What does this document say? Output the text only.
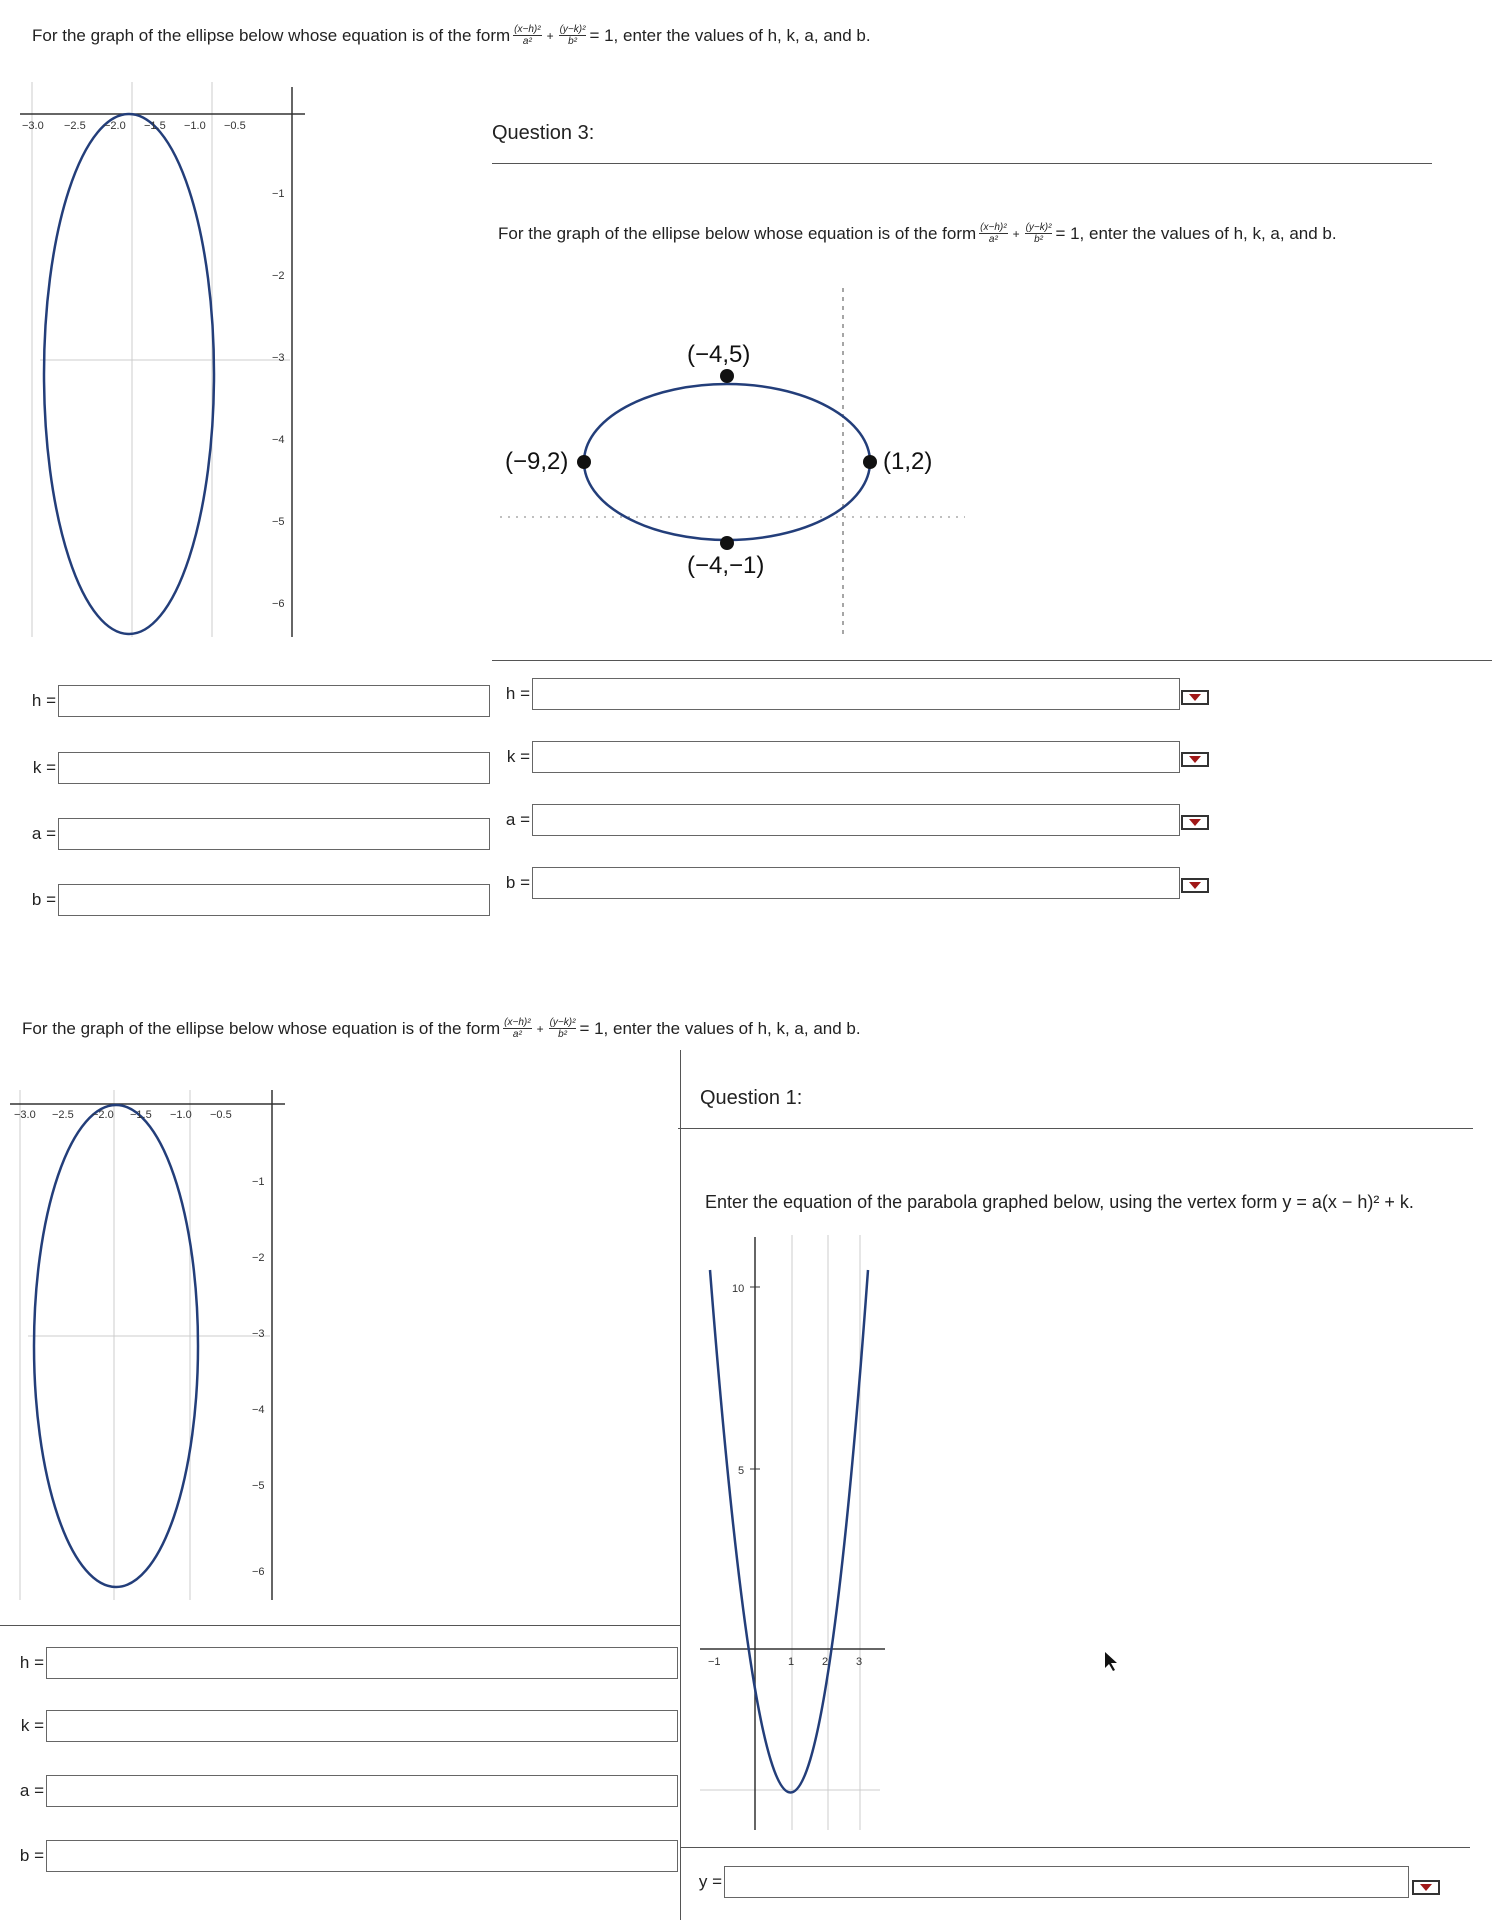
For the graph of the ellipse below whose equation is of the form $\frac{\text{(x−h)²}}{\text{a²}} + \frac{\text{(y−k)²}}{\text{b²}} = 1$, enter the values of h, k, a, and b.
−3.0 −2.5 −2.0 −1.5 −1.0 −0.5
−1
−2
−3
−4
−5
−6
h =
k =
a =
b =
Question 3:
For the graph of the ellipse below whose equation is of the form $\frac{\text{(x−h)²}}{\text{a²}} + \frac{\text{(y−k)²}}{\text{b²}} = 1$, enter the values of h, k, a, and b.
(−4,5)
(−9,2)	(1,2)
(−4,−1)
h =
k =
a =
b =
For the graph of the ellipse below whose equation is of the form $\frac{\text{(x−h)²}}{\text{a²}} + \frac{\text{(y−k)²}}{\text{b²}} = 1$, enter the values of h, k, a, and b.
−3.0 −2.5 −2.0 −1.5 −1.0 −0.5
−1
−2
−3
−4
−5
−6
h =
k =
a =
b =
Question 1:
Enter the equation of the parabola graphed below, using the vertex form y = a(x − h)² + k.
10
5
−1	1	2	3
y =
